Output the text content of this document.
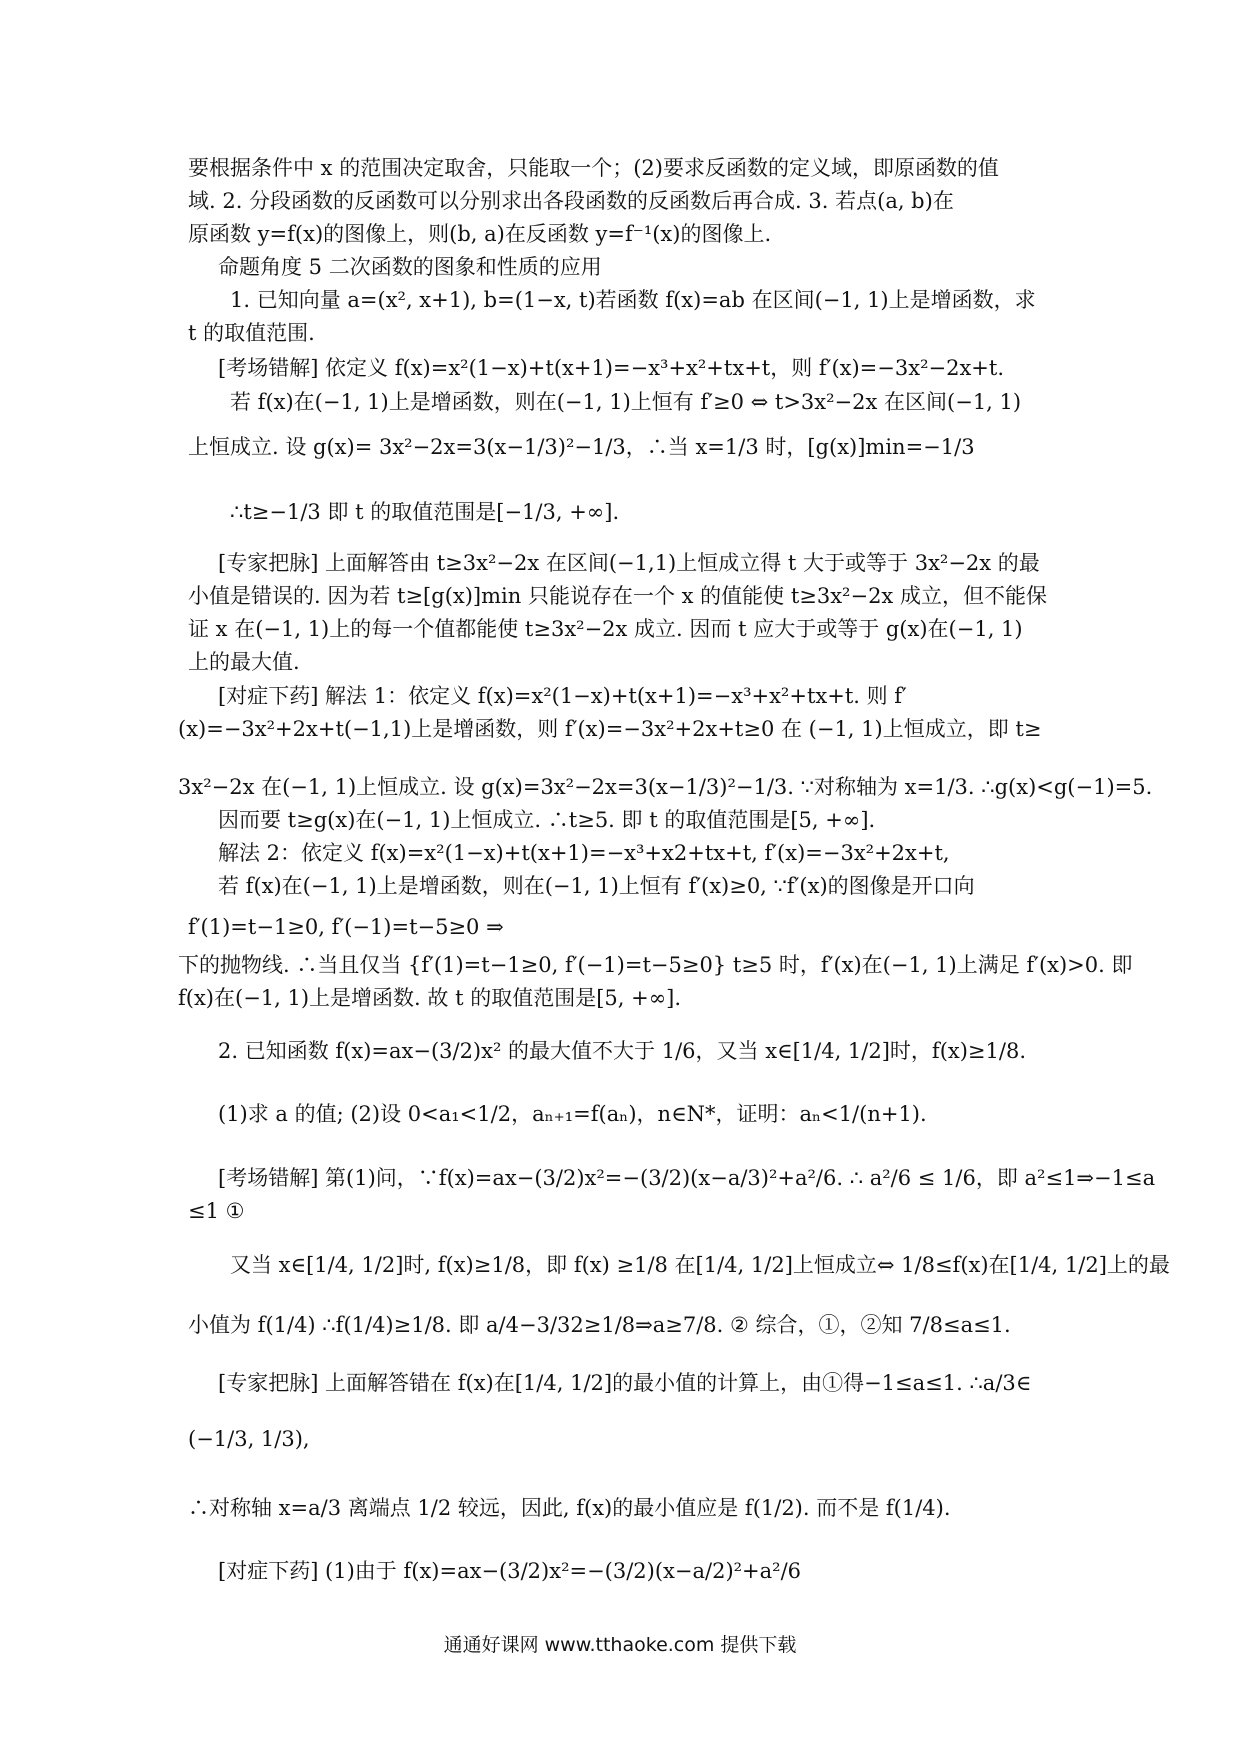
要根据条件中 x 的范围决定取舍，只能取一个；(2)要求反函数的定义域，即原函数的值
域. 2. 分段函数的反函数可以分别求出各段函数的反函数后再合成. 3. 若点(a, b)在
原函数 y=f(x)的图像上，则(b, a)在反函数 y=f⁻¹(x)的图像上.
命题角度 5 二次函数的图象和性质的应用
1. 已知向量 a=(x², x+1), b=(1−x, t)若函数 f(x)=ab 在区间(−1, 1)上是增函数，求
t 的取值范围.
[考场错解] 依定义 f(x)=x²(1−x)+t(x+1)=−x³+x²+tx+t，则 f′(x)=−3x²−2x+t.
若 f(x)在(−1, 1)上是增函数，则在(−1, 1)上恒有 f′≥0 ⇔ t>3x²−2x 在区间(−1, 1)
上恒成立. 设 g(x)= 3x²−2x=3(x−1/3)²−1/3，∴当 x=1/3 时，[g(x)]min=−1/3
∴t≥−1/3 即 t 的取值范围是[−1/3, +∞].
[专家把脉] 上面解答由 t≥3x²−2x 在区间(−1,1)上恒成立得 t 大于或等于 3x²−2x 的最
小值是错误的. 因为若 t≥[g(x)]min 只能说存在一个 x 的值能使 t≥3x²−2x 成立，但不能保
证 x 在(−1, 1)上的每一个值都能使 t≥3x²−2x 成立. 因而 t 应大于或等于 g(x)在(−1, 1)
上的最大值.
[对症下药] 解法 1：依定义 f(x)=x²(1−x)+t(x+1)=−x³+x²+tx+t. 则 f′
(x)=−3x²+2x+t(−1,1)上是增函数，则 f′(x)=−3x²+2x+t≥0 在 (−1, 1)上恒成立，即 t≥
3x²−2x 在(−1, 1)上恒成立. 设 g(x)=3x²−2x=3(x−1/3)²−1/3. ∵对称轴为 x=1/3. ∴g(x)<g(−1)=5.
因而要 t≥g(x)在(−1, 1)上恒成立. ∴t≥5. 即 t 的取值范围是[5, +∞].
解法 2：依定义 f(x)=x²(1−x)+t(x+1)=−x³+x2+tx+t, f′(x)=−3x²+2x+t,
若 f(x)在(−1, 1)上是增函数，则在(−1, 1)上恒有 f′(x)≥0, ∵f′(x)的图像是开口向
f′(1)=t−1≥0, f′(−1)=t−5≥0 ⇒
下的抛物线. ∴当且仅当 {f′(1)=t−1≥0, f′(−1)=t−5≥0} t≥5 时，f′(x)在(−1, 1)上满足 f′(x)>0. 即
f(x)在(−1, 1)上是增函数. 故 t 的取值范围是[5, +∞].
2. 已知函数 f(x)=ax−(3/2)x² 的最大值不大于 1/6，又当 x∈[1/4, 1/2]时，f(x)≥1/8.
(1)求 a 的值; (2)设 0<a₁<1/2，aₙ₊₁=f(aₙ)，n∈N*，证明：aₙ<1/(n+1).
[考场错解] 第(1)问，∵f(x)=ax−(3/2)x²=−(3/2)(x−a/3)²+a²/6. ∴ a²/6 ≤ 1/6，即 a²≤1⇒−1≤a
≤1 ①
又当 x∈[1/4, 1/2]时, f(x)≥1/8，即 f(x) ≥1/8 在[1/4, 1/2]上恒成立⇔ 1/8≤f(x)在[1/4, 1/2]上的最
小值为 f(1/4) ∴f(1/4)≥1/8. 即 a/4−3/32≥1/8⇒a≥7/8. ② 综合，①，②知 7/8≤a≤1.
[专家把脉] 上面解答错在 f(x)在[1/4, 1/2]的最小值的计算上，由①得−1≤a≤1. ∴a/3∈
(−1/3, 1/3),
∴对称轴 x=a/3 离端点 1/2 较远，因此, f(x)的最小值应是 f(1/2). 而不是 f(1/4).
[对症下药] (1)由于 f(x)=ax−(3/2)x²=−(3/2)(x−a/2)²+a²/6
通通好课网 www.tthaoke.com 提供下载
